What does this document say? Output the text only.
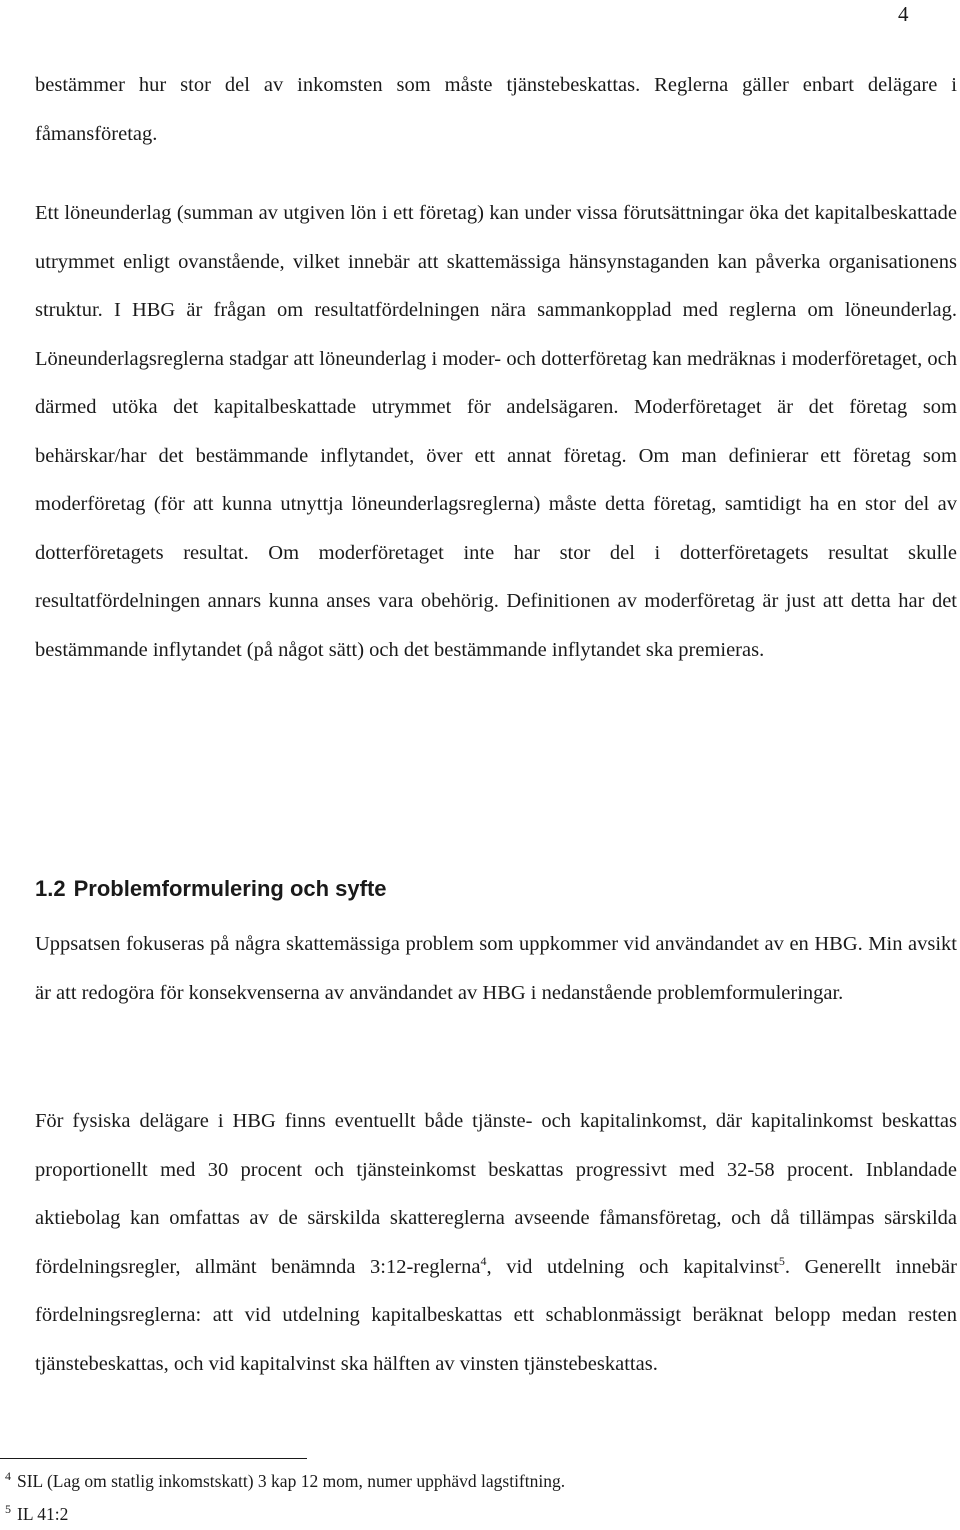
4

bestämmer hur stor del av inkomsten som måste tjänstebeskattas. Reglerna gäller enbart delägare i fåmansföretag.

Ett löneunderlag (summan av utgiven lön i ett företag) kan under vissa förutsättningar öka det kapitalbeskattade utrymmet enligt ovanstående, vilket innebär att skattemässiga hänsynstaganden kan påverka organisationens struktur. I HBG är frågan om resultatfördelningen nära sammankopplad med reglerna om löneunderlag. Löneunderlagsreglerna stadgar att löneunderlag i moder- och dotterföretag kan medräknas i moderföretaget, och därmed utöka det kapitalbeskattade utrymmet för andelsägaren. Moderföretaget är det företag som behärskar/har det bestämmande inflytandet, över ett annat företag. Om man definierar ett företag som moderföretag (för att kunna utnyttja löneunderlagsreglerna) måste detta företag, samtidigt ha en stor del av dotterföretagets resultat. Om moderföretaget inte har stor del i dotterföretagets resultat skulle resultatfördelningen annars kunna anses vara obehörig. Definitionen av moderföretag är just att detta har det bestämmande inflytandet (på något sätt) och det bestämmande inflytandet ska premieras.

1.2 Problemformulering och syfte

Uppsatsen fokuseras på några skattemässiga problem som uppkommer vid användandet av en HBG. Min avsikt är att redogöra för konsekvenserna av användandet av HBG i nedanstående problemformuleringar.

För fysiska delägare i HBG finns eventuellt både tjänste- och kapitalinkomst, där kapitalinkomst beskattas proportionellt med 30 procent och tjänsteinkomst beskattas progressivt med 32-58 procent. Inblandade aktiebolag kan omfattas av de särskilda skattereglerna avseende fåmansföretag, och då tillämpas särskilda fördelningsregler, allmänt benämnda 3:12-reglerna$^4$, vid utdelning och kapitalvinst$^5$. Generellt innebär fördelningsreglerna: att vid utdelning kapitalbeskattas ett schablonmässigt beräknat belopp medan resten tjänstebeskattas, och vid kapitalvinst ska hälften av vinsten tjänstebeskattas.

$^4$ SIL (Lag om statlig inkomstskatt) 3 kap 12 mom, numer upphävd lagstiftning.
$^5$ IL 41:2
